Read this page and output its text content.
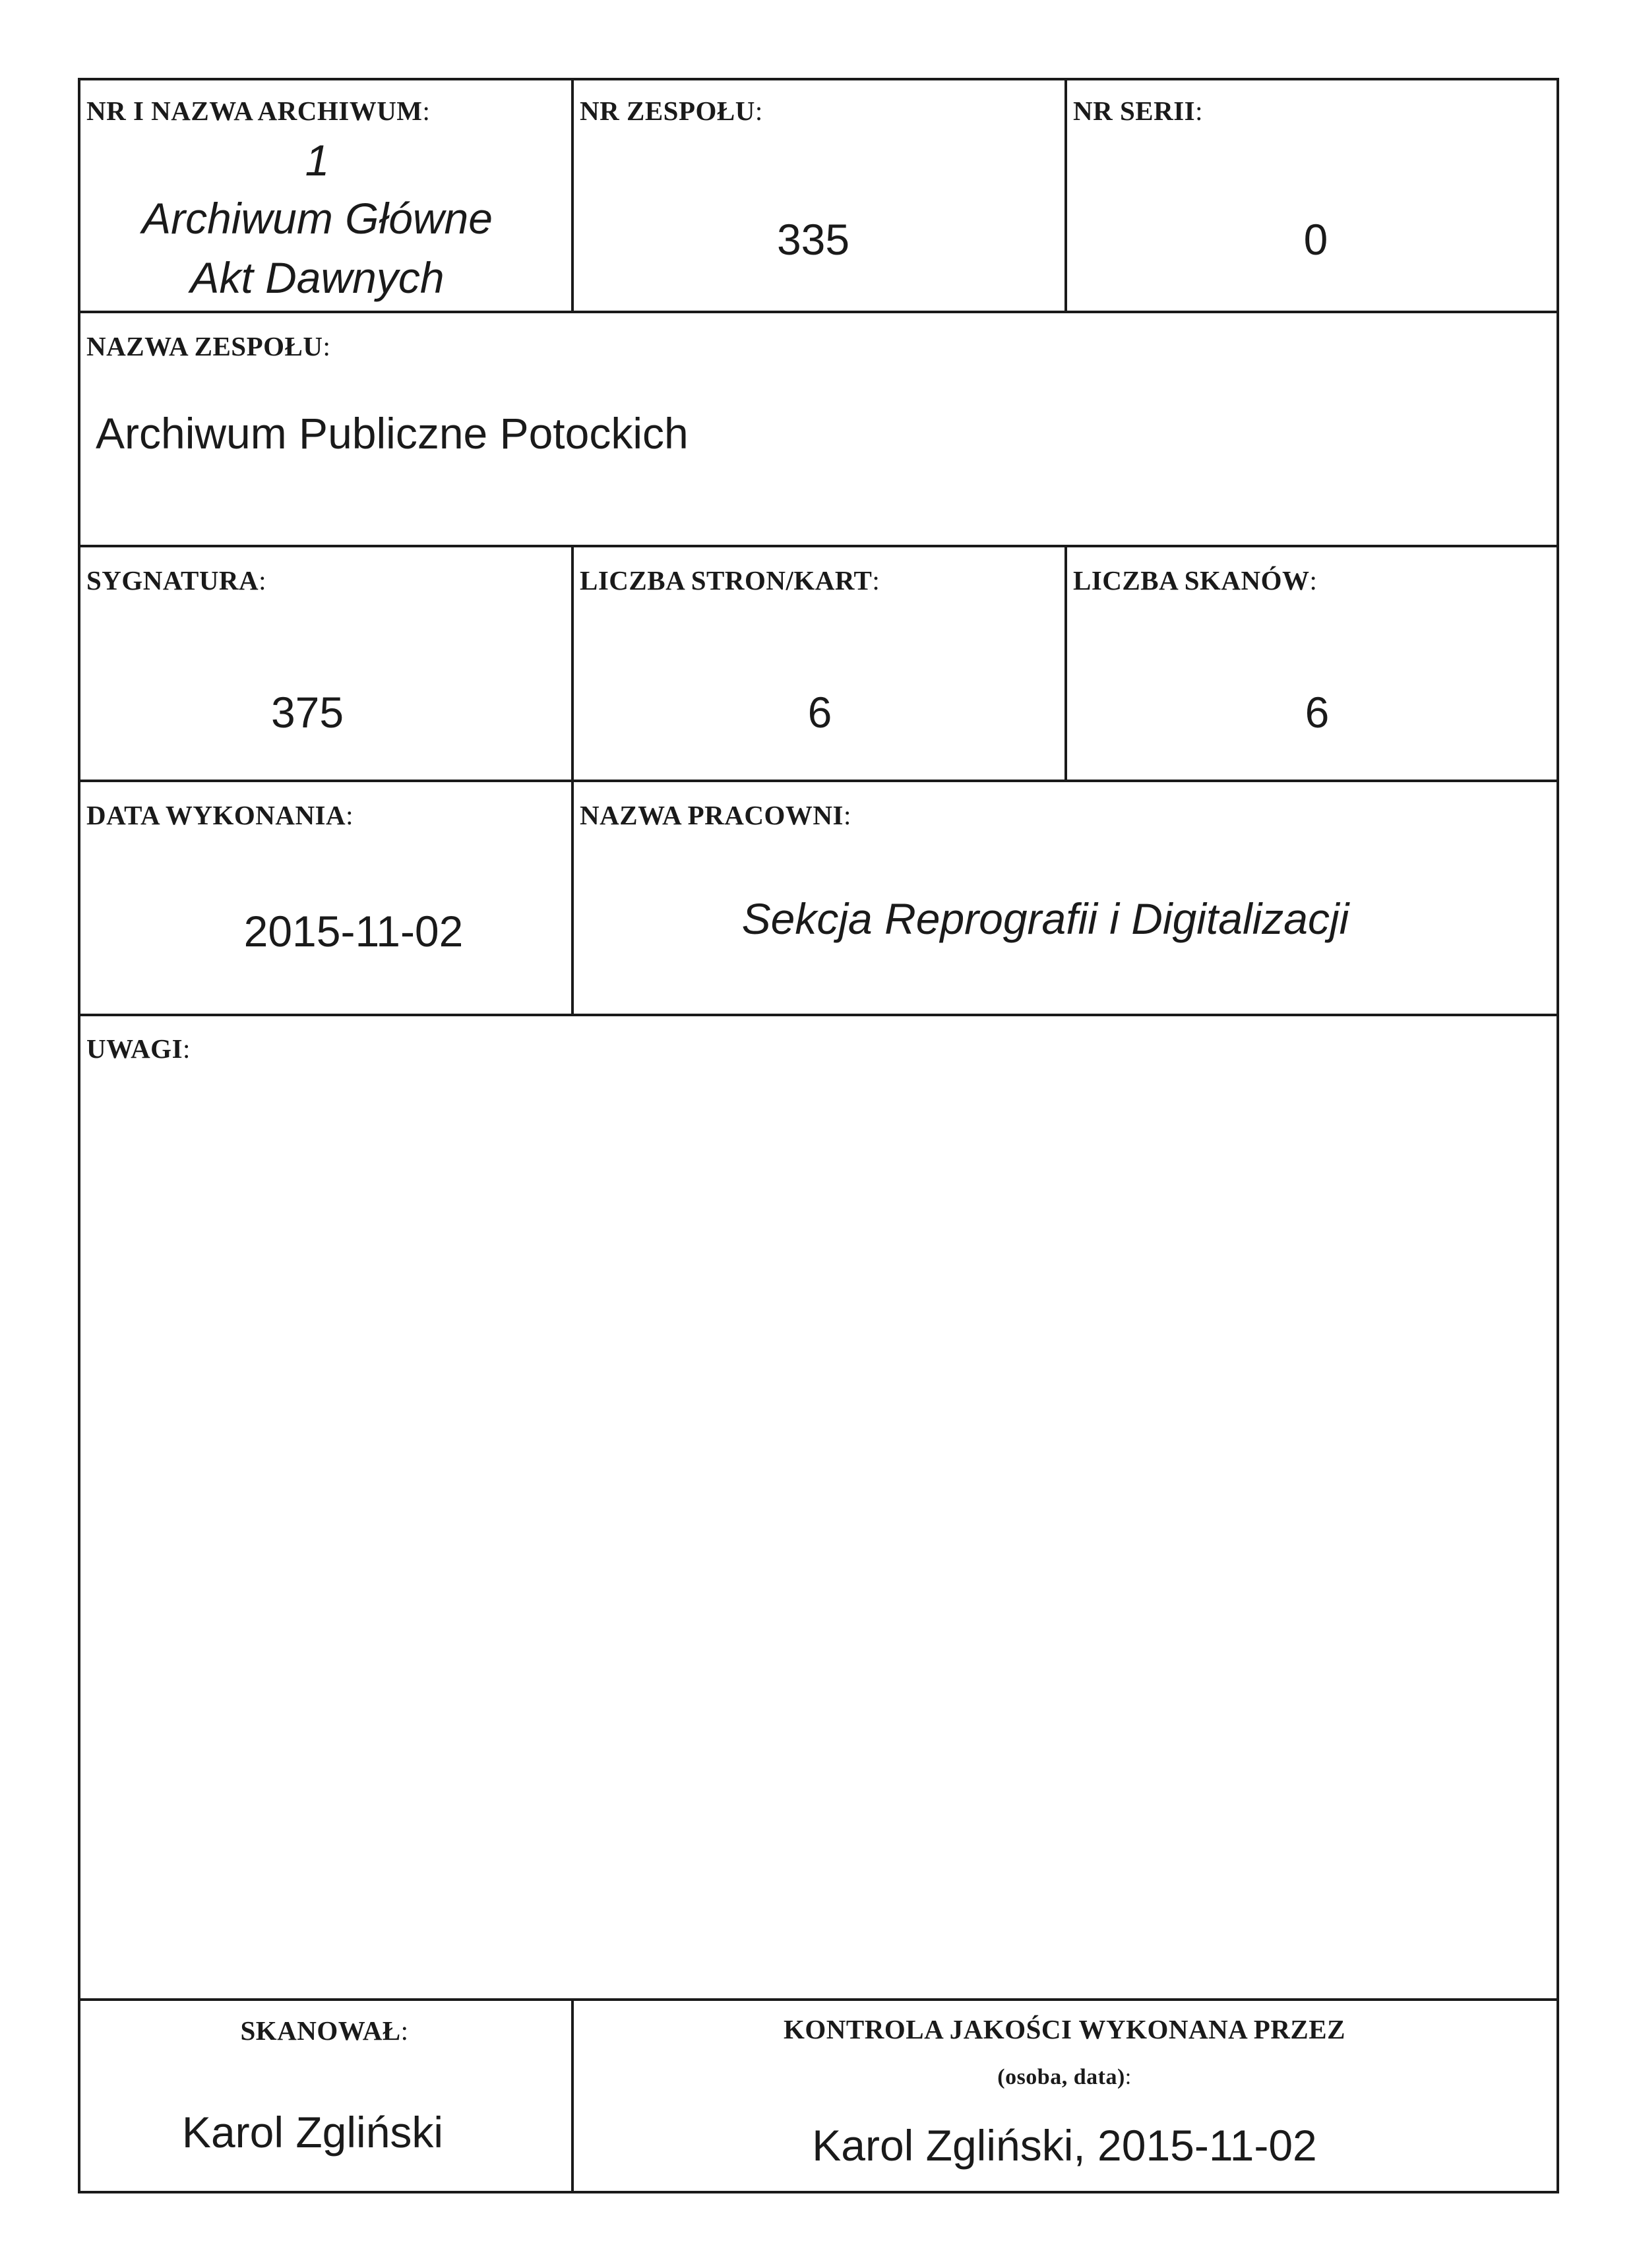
NR I NAZWA ARCHIWUM:
1
Archiwum Główne
Akt Dawnych
NR ZESPOŁU:
335
NR SERII:
0
NAZWA ZESPOŁU:
Archiwum Publiczne Potockich
SYGNATURA:
375
LICZBA STRON/KART:
6
LICZBA SKANÓW:
6
DATA WYKONANIA:
2015-11-02
NAZWA PRACOWNI:
Sekcja Reprografii i Digitalizacji
UWAGI:
SKANOWAŁ:
Karol Zgliński
KONTROLA JAKOŚCI WYKONANA PRZEZ
(osoba, data):
Karol Zgliński, 2015-11-02
